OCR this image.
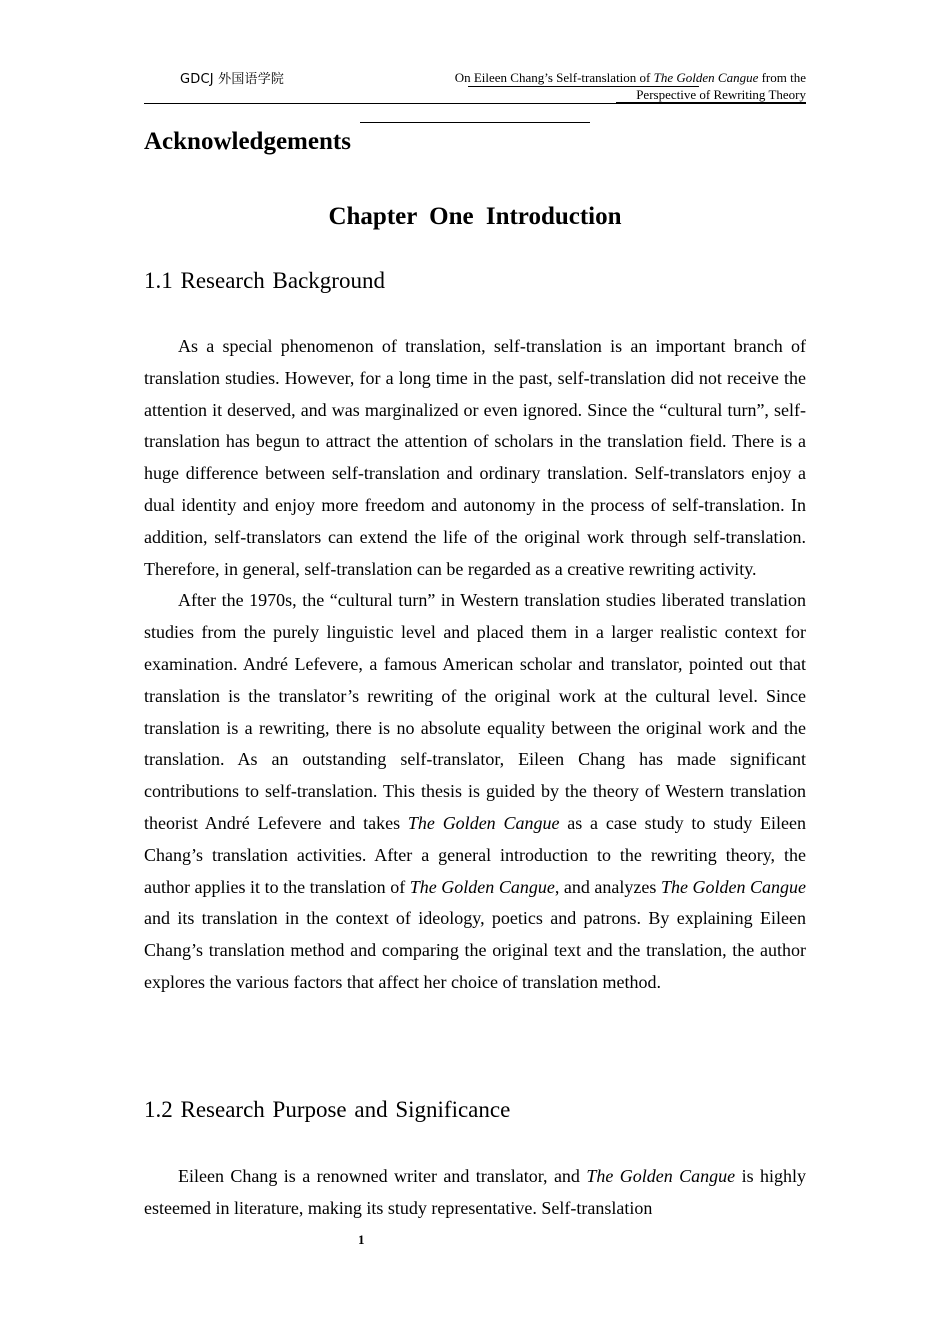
GDCJ 外国语学院	On Eileen Chang’s Self-translation of The Golden Cangue from the
Perspective of Rewriting Theory
Acknowledgements
Chapter One Introduction
1.1 Research Background

As a special phenomenon of translation, self-translation is an important branch of translation studies. However, for a long time in the past, self-translation did not receive the attention it deserved, and was marginalized or even ignored. Since the “cultural turn”, self-translation has begun to attract the attention of scholars in the translation field. There is a huge difference between self-translation and ordinary translation. Self-translators enjoy a dual identity and enjoy more freedom and autonomy in the process of self-translation. In addition, self-translators can extend the life of the original work through self-translation. Therefore, in general, self-translation can be regarded as a creative rewriting activity.

After the 1970s, the “cultural turn” in Western translation studies liberated translation studies from the purely linguistic level and placed them in a larger realistic context for examination. André Lefevere, a famous American scholar and translator, pointed out that translation is the translator’s rewriting of the original work at the cultural level. Since translation is a rewriting, there is no absolute equality between the original work and the translation. As an outstanding self-translator, Eileen Chang has made significant contributions to self-translation. This thesis is guided by the theory of Western translation theorist André Lefevere and takes The Golden Cangue as a case study to study Eileen Chang’s translation activities. After a general introduction to the rewriting theory, the author applies it to the translation of The Golden Cangue, and analyzes The Golden Cangue and its translation in the context of ideology, poetics and patrons. By explaining Eileen Chang’s translation method and comparing the original text and the translation, the author explores the various factors that affect her choice of translation method.

1.2 Research Purpose and Significance

Eileen Chang is a renowned writer and translator, and The Golden Cangue is highly esteemed in literature, making its study representative. Self-translation

1
